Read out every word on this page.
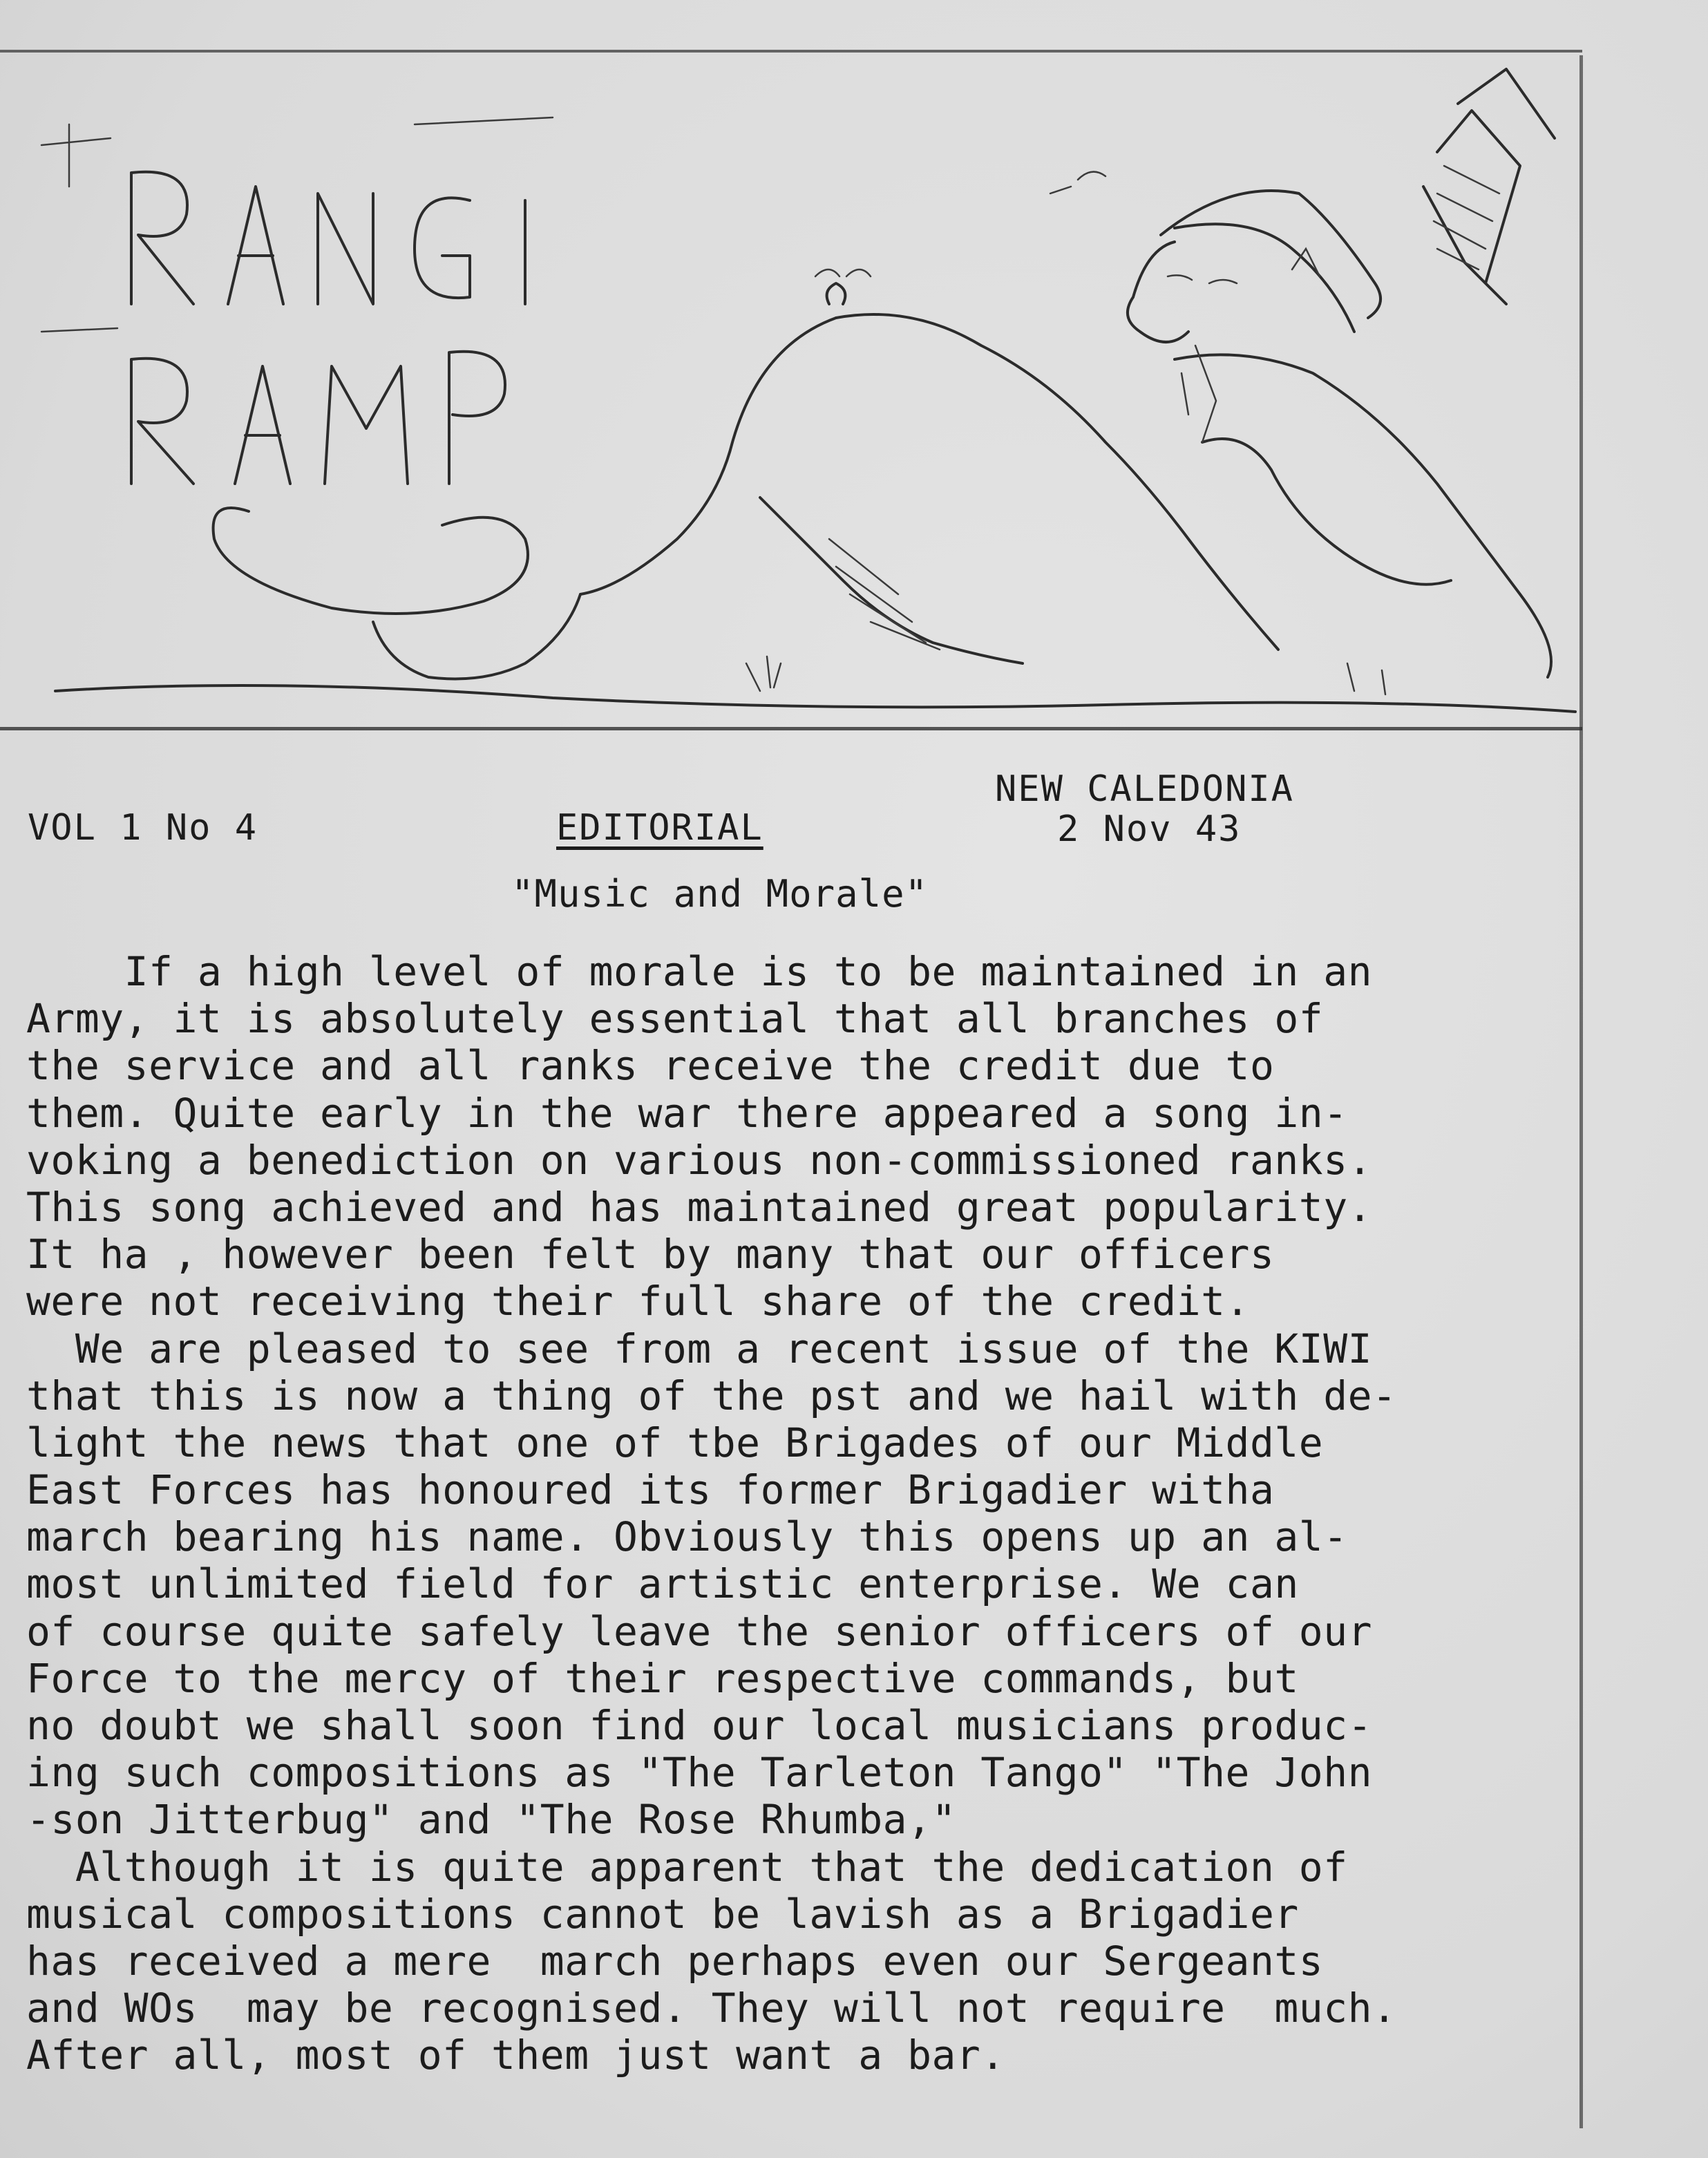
VOL 1 No 4	EDITORIAL
NEW CALEDONIA
2 Nov 43
"Music and Morale"
If a high level of morale is to be maintained in an
Army, it is absolutely essential that all branches of
the service and all ranks receive the credit due to
them. Quite early in the war there appeared a song in-
voking a benediction on various non-commissioned ranks.
This song achieved and has maintained great popularity.
It ha , however been felt by many that our officers
were not receiving their full share of the credit.
We are pleased to see from a recent issue of the KIWI
that this is now a thing of the pst and we hail with de-
light the news that one of tbe Brigades of our Middle
East Forces has honoured its former Brigadier witha
march bearing his name. Obviously this opens up an al-
most unlimited field for artistic enterprise. We can
of course quite safely leave the senior officers of our
Force to the mercy of their respective commands, but
no doubt we shall soon find our local musicians produc-
ing such compositions as "The Tarleton Tango" "The John
-son Jitterbug" and "The Rose Rhumba,"
Although it is quite apparent that the dedication of
musical compositions cannot be lavish as a Brigadier
has received a mere  march perhaps even our Sergeants
and WOs  may be recognised. They will not require  much.
After all, most of them just want a bar.
